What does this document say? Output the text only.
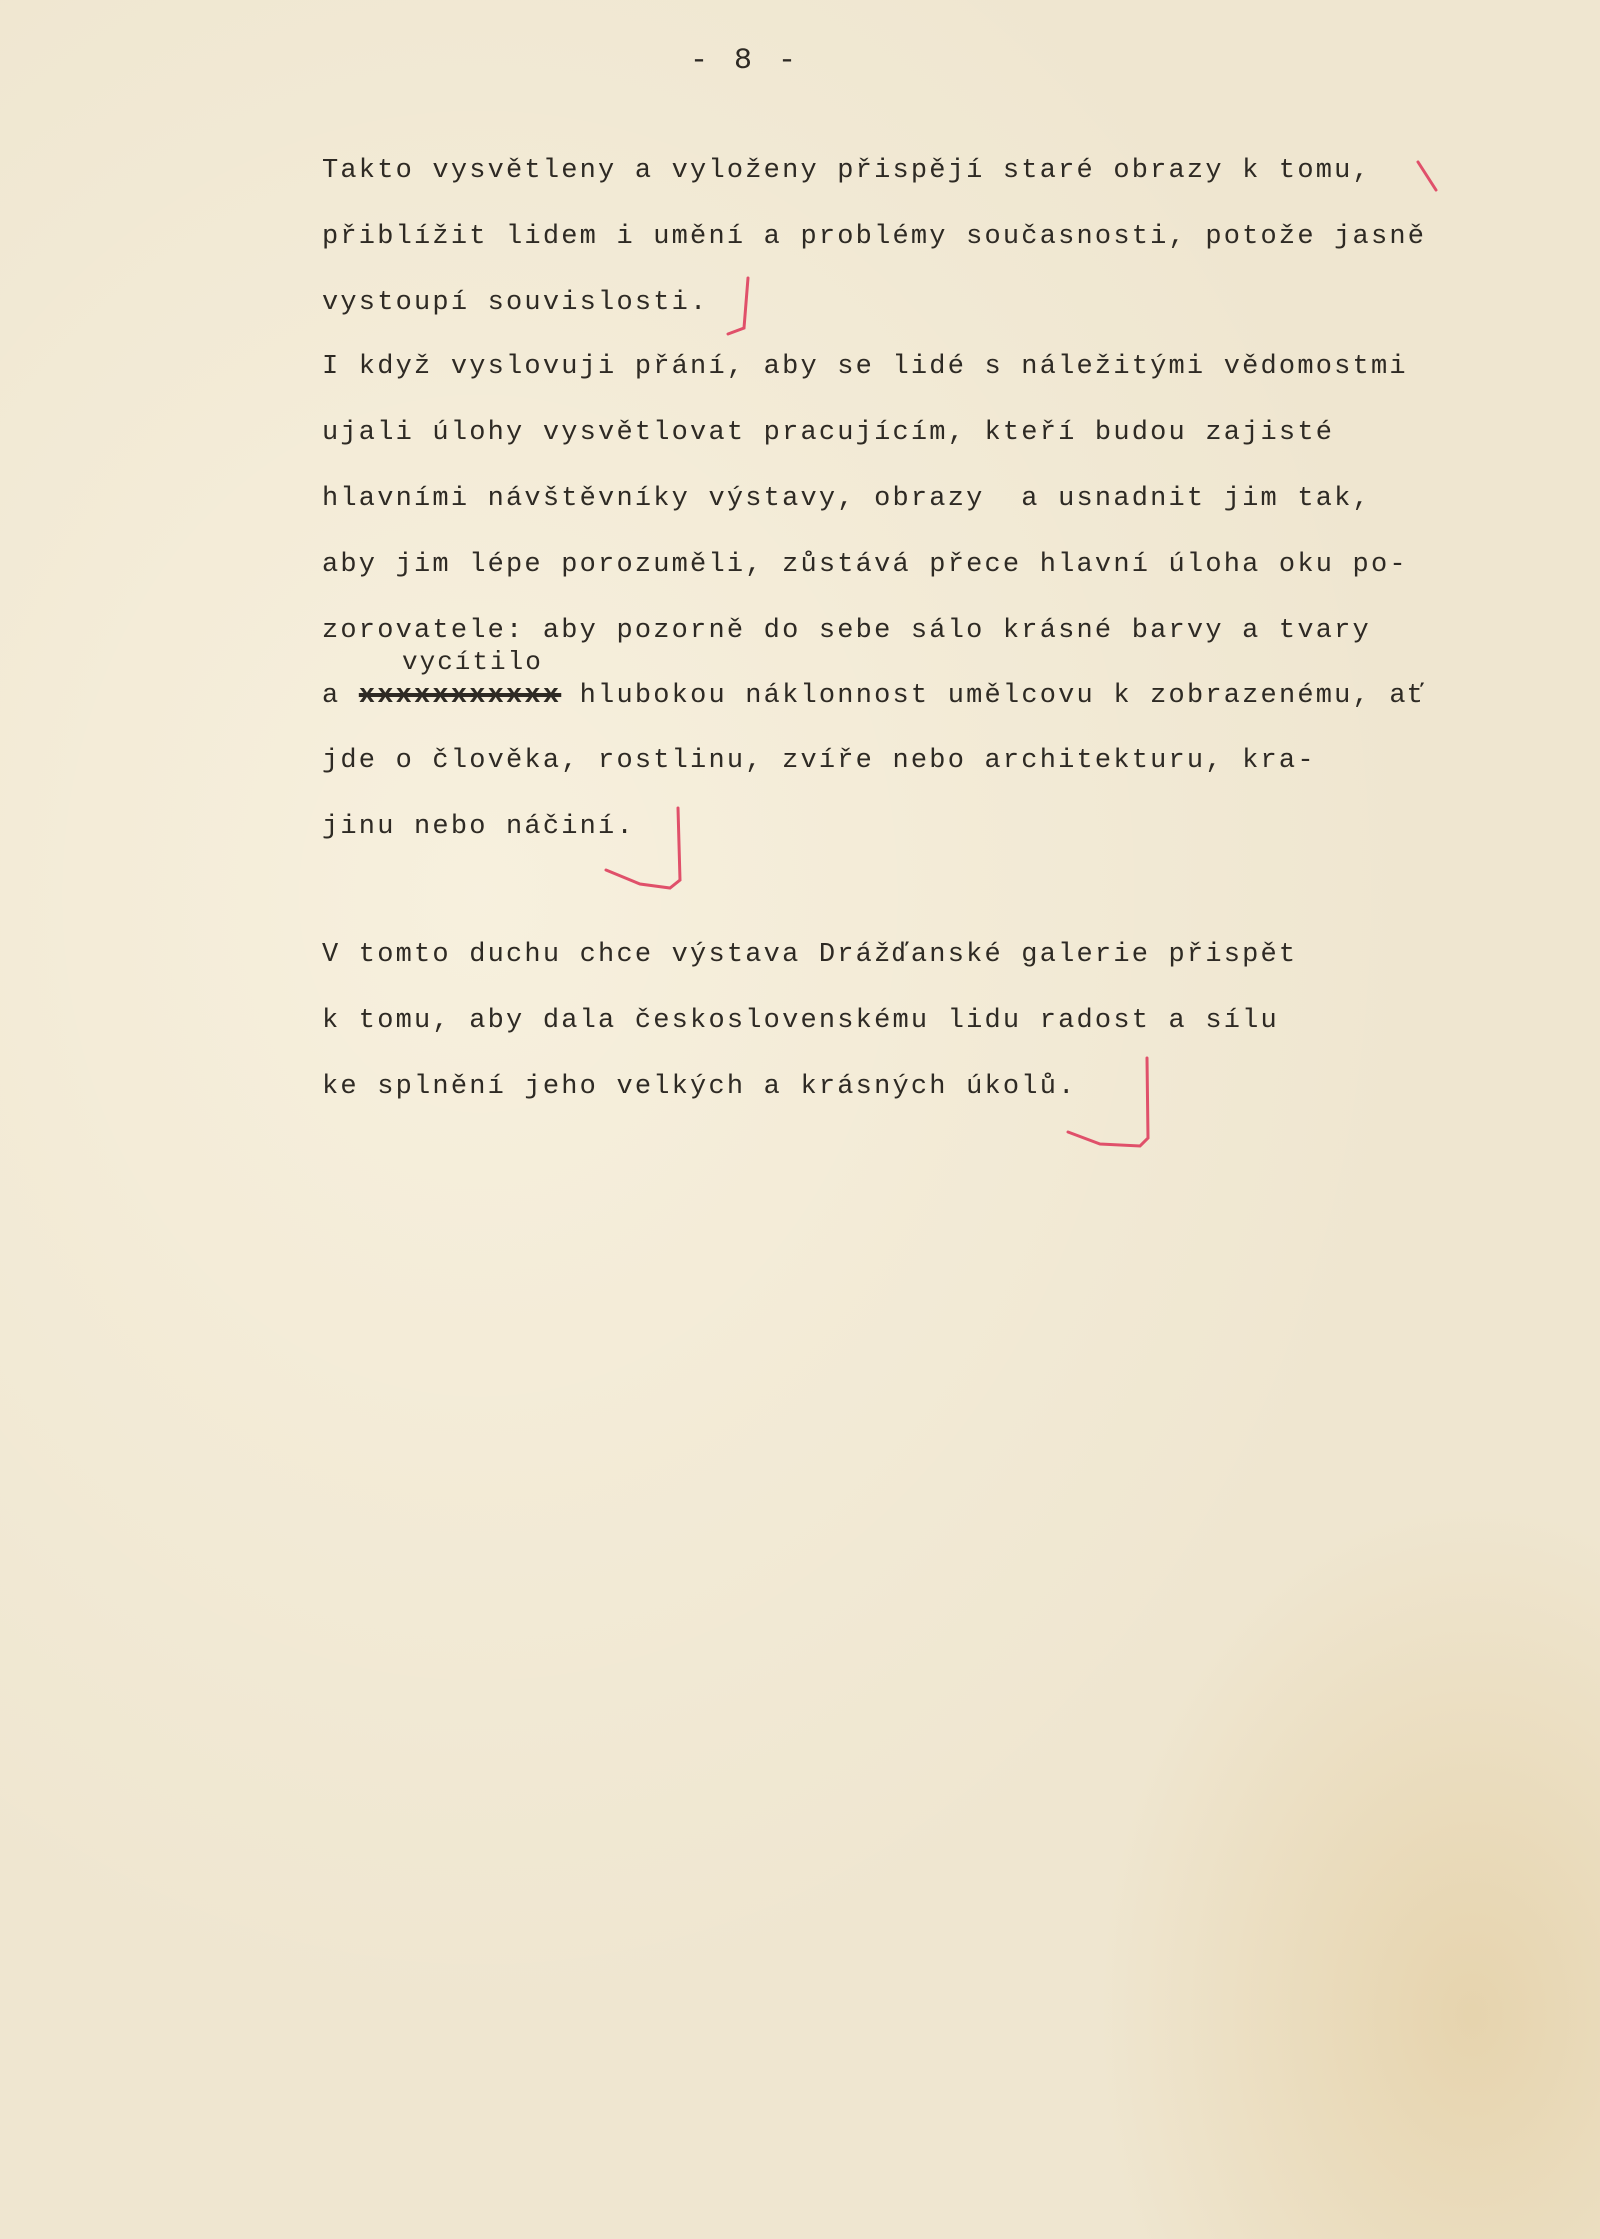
- 8 -
Takto vysvětleny a vyloženy přispějí staré obrazy k tomu,
přiblížit lidem i umění a problémy současnosti, potože jasně
vystoupí souvislosti.
I když vyslovuji přání, aby se lidé s náležitými vědomostmi
ujali úlohy vysvětlovat pracujícím, kteří budou zajisté
hlavními návštěvníky výstavy, obrazy  a usnadnit jim tak,
aby jim lépe porozuměli, zůstává přece hlavní úloha oku po-
zorovatele: aby pozorně do sebe sálo krásné barvy a tvary
vycítilo
a xxxxxxxxxxx hlubokou náklonnost umělcovu k zobrazenému, ať
jde o člověka, rostlinu, zvíře nebo architekturu, kra-
jinu nebo náčiní.
V tomto duchu chce výstava Drážďanské galerie přispět
k tomu, aby dala československému lidu radost a sílu
ke splnění jeho velkých a krásných úkolů.
